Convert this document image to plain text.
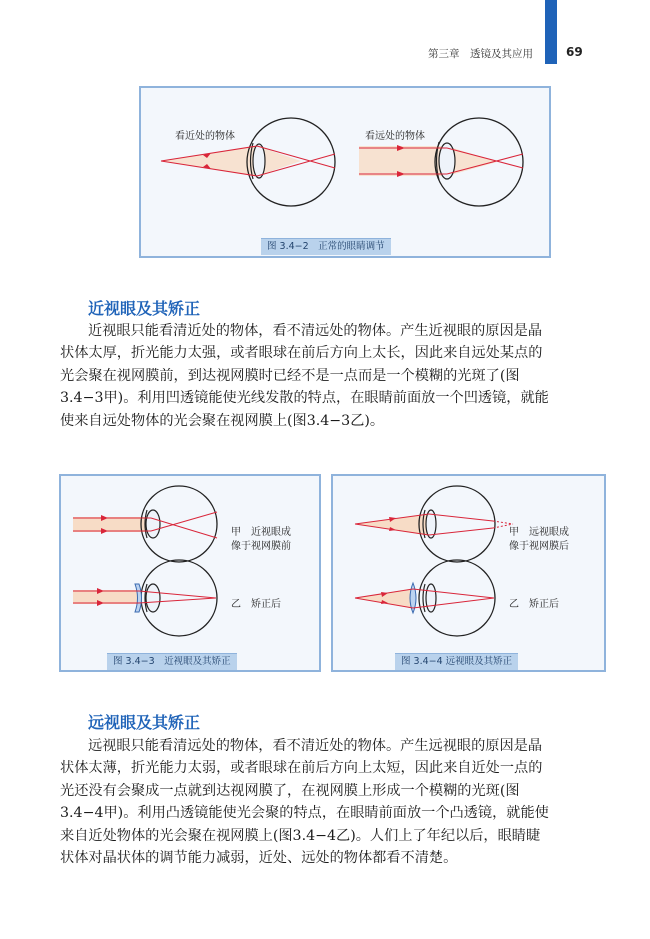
第三章　透镜及其应用	69
看近处的物体	看远处的物体
图 3.4−2　正常的眼睛调节
近视眼及其矫正
近视眼只能看清近处的物体，看不清远处的物体。产生近视眼的原因是晶
状体太厚，折光能力太强，或者眼球在前后方向上太长，因此来自远处某点的
光会聚在视网膜前，到达视网膜时已经不是一点而是一个模糊的光斑了(图
3.4−3甲)。利用凹透镜能使光线发散的特点，在眼睛前面放一个凹透镜，就能
使来自远处物体的光会聚在视网膜上(图3.4−3乙)。
甲　近视眼成
像于视网膜前
乙　矫正后
图 3.4−3　近视眼及其矫正
甲　远视眼成
像于视网膜后
乙　矫正后
图 3.4−4 远视眼及其矫正
远视眼及其矫正
远视眼只能看清远处的物体，看不清近处的物体。产生远视眼的原因是晶
状体太薄，折光能力太弱，或者眼球在前后方向上太短，因此来自近处一点的
光还没有会聚成一点就到达视网膜了，在视网膜上形成一个模糊的光斑(图
3.4−4甲)。利用凸透镜能使光会聚的特点，在眼睛前面放一个凸透镜，就能使
来自近处物体的光会聚在视网膜上(图3.4−4乙)。人们上了年纪以后，眼睛睫
状体对晶状体的调节能力减弱，近处、远处的物体都看不清楚。
